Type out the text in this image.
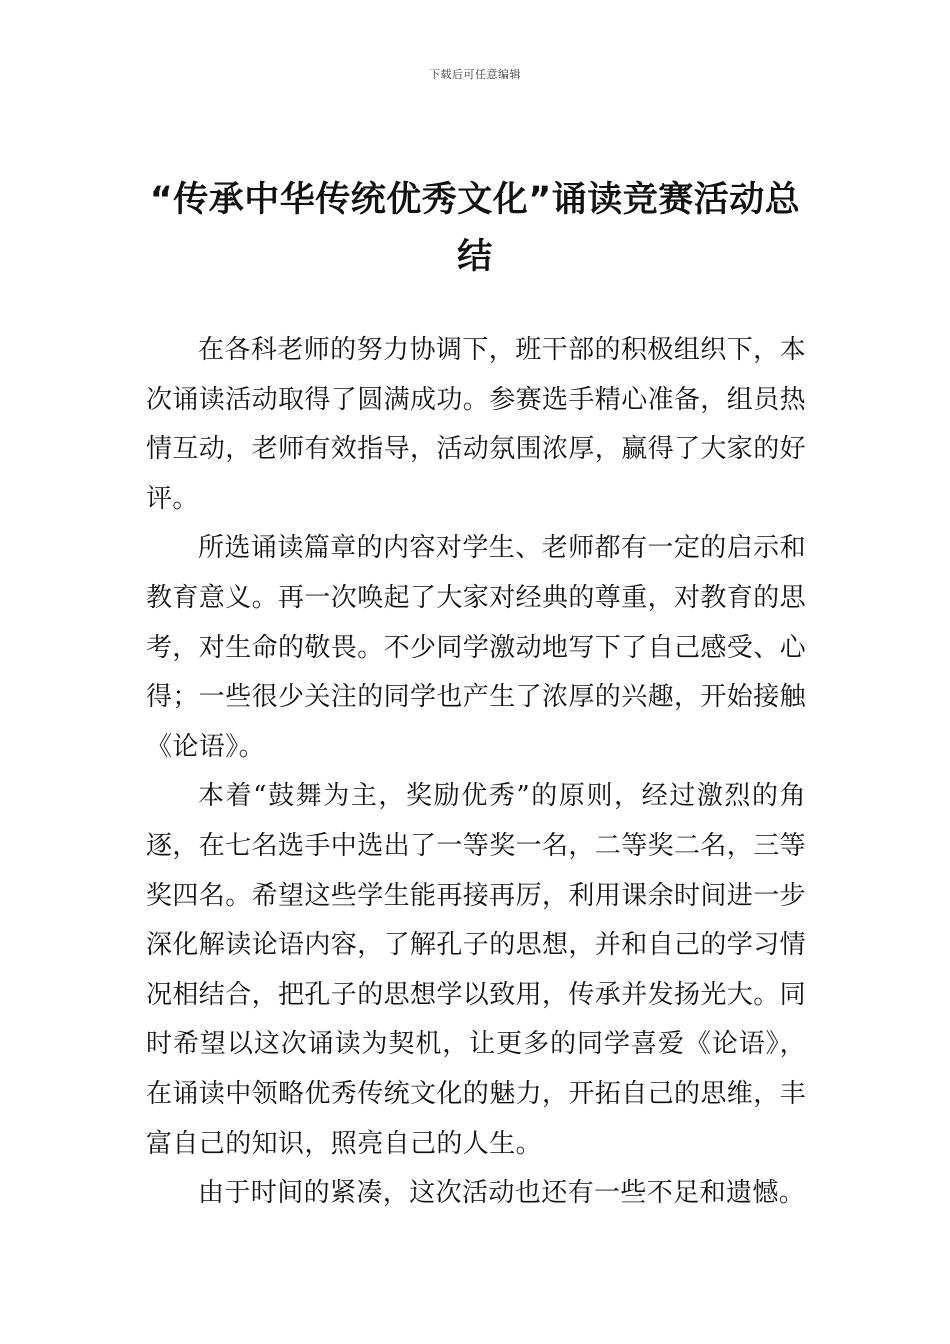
下载后可任意编辑
“传承中华传统优秀文化”诵读竞赛活动总结

在各科老师的努力协调下，班干部的积极组织下，本次诵读活动取得了圆满成功。参赛选手精心准备，组员热情互动，老师有效指导，活动氛围浓厚，赢得了大家的好评。

所选诵读篇章的内容对学生、老师都有一定的启示和教育意义。再一次唤起了大家对经典的尊重，对教育的思考，对生命的敬畏。不少同学激动地写下了自己感受、心得；一些很少关注的同学也产生了浓厚的兴趣，开始接触《论语》。

本着“鼓舞为主，奖励优秀”的原则，经过激烈的角逐，在七名选手中选出了一等奖一名，二等奖二名，三等奖四名。希望这些学生能再接再厉，利用课余时间进一步深化解读论语内容，了解孔子的思想，并和自己的学习情况相结合，把孔子的思想学以致用，传承并发扬光大。同时希望以这次诵读为契机，让更多的同学喜爱《论语》，在诵读中领略优秀传统文化的魅力，开拓自己的思维，丰富自己的知识，照亮自己的人生。

由于时间的紧凑，这次活动也还有一些不足和遗憾。
